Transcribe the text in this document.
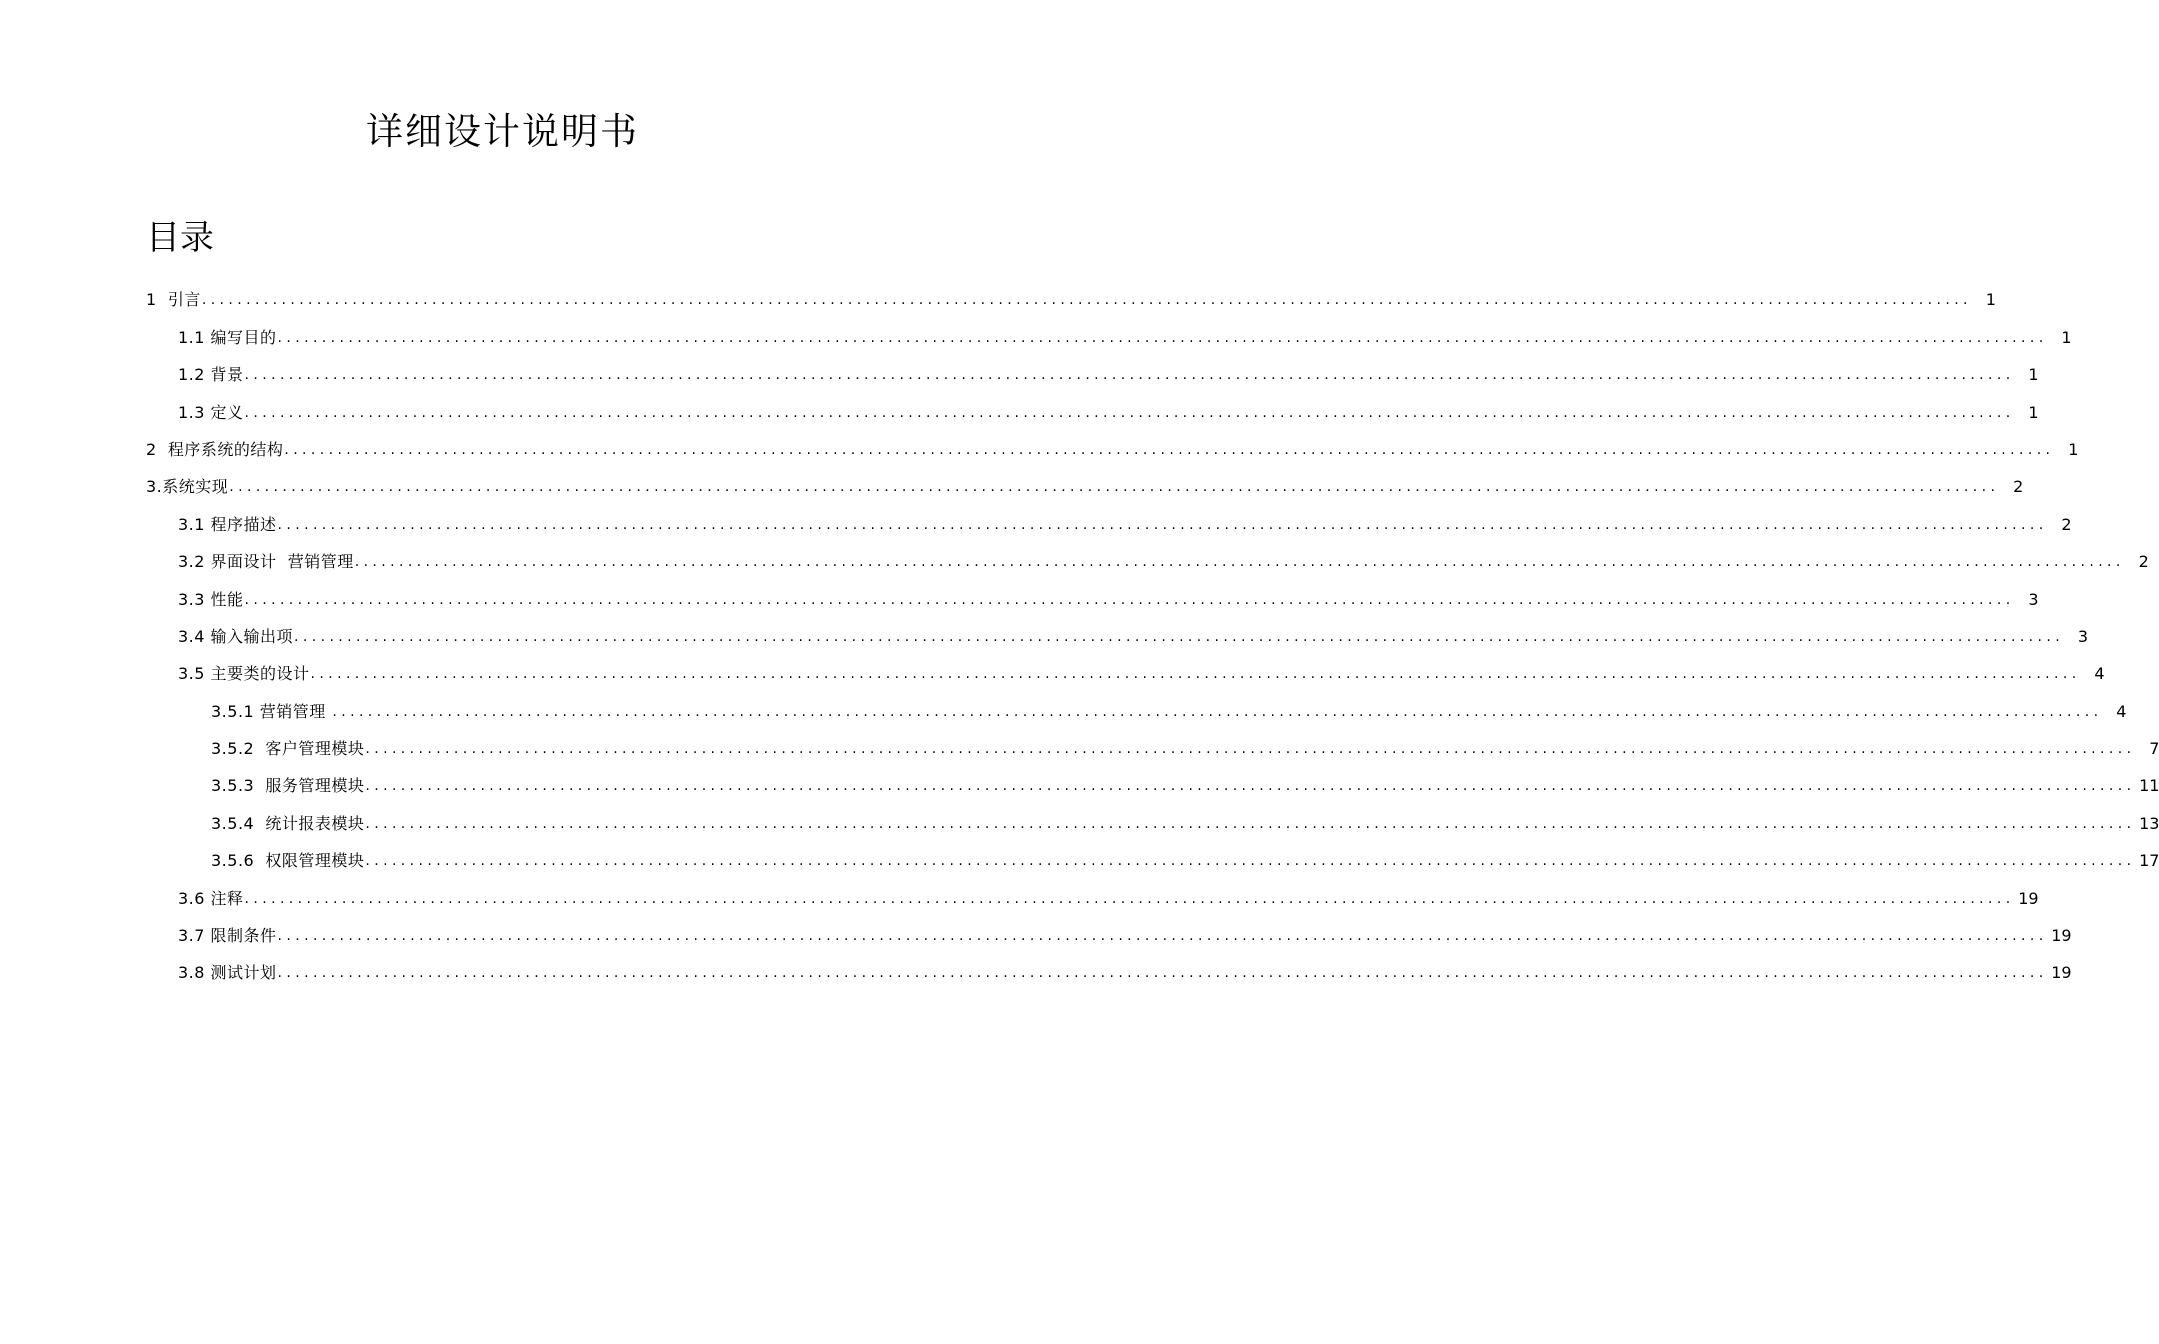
详细设计说明书
目录
1  引言 ........................................................................................................................................................................................................ 1
1.1 编写目的 ........................................................................................................................................................................................................ 1
1.2 背景 ........................................................................................................................................................................................................ 1
1.3 定义 ........................................................................................................................................................................................................ 1
2  程序系统的结构 ........................................................................................................................................................................................................ 1
3.系统实现 ........................................................................................................................................................................................................ 2
3.1 程序描述 ........................................................................................................................................................................................................ 2
3.2 界面设计  营销管理 ........................................................................................................................................................................................................ 2
3.3 性能 ........................................................................................................................................................................................................ 3
3.4 输入输出项 ........................................................................................................................................................................................................ 3
3.5 主要类的设计 ........................................................................................................................................................................................................ 4
3.5.1 营销管理 ........................................................................................................................................................................................................ 4
3.5.2  客户管理模块 ........................................................................................................................................................................................................ 7
3.5.3  服务管理模块 ........................................................................................................................................................................................................ 11
3.5.4  统计报表模块 ........................................................................................................................................................................................................ 13
3.5.6  权限管理模块 ........................................................................................................................................................................................................ 17
3.6 注释 ........................................................................................................................................................................................................ 19
3.7 限制条件 ........................................................................................................................................................................................................ 19
3.8 测试计划 ........................................................................................................................................................................................................ 19
